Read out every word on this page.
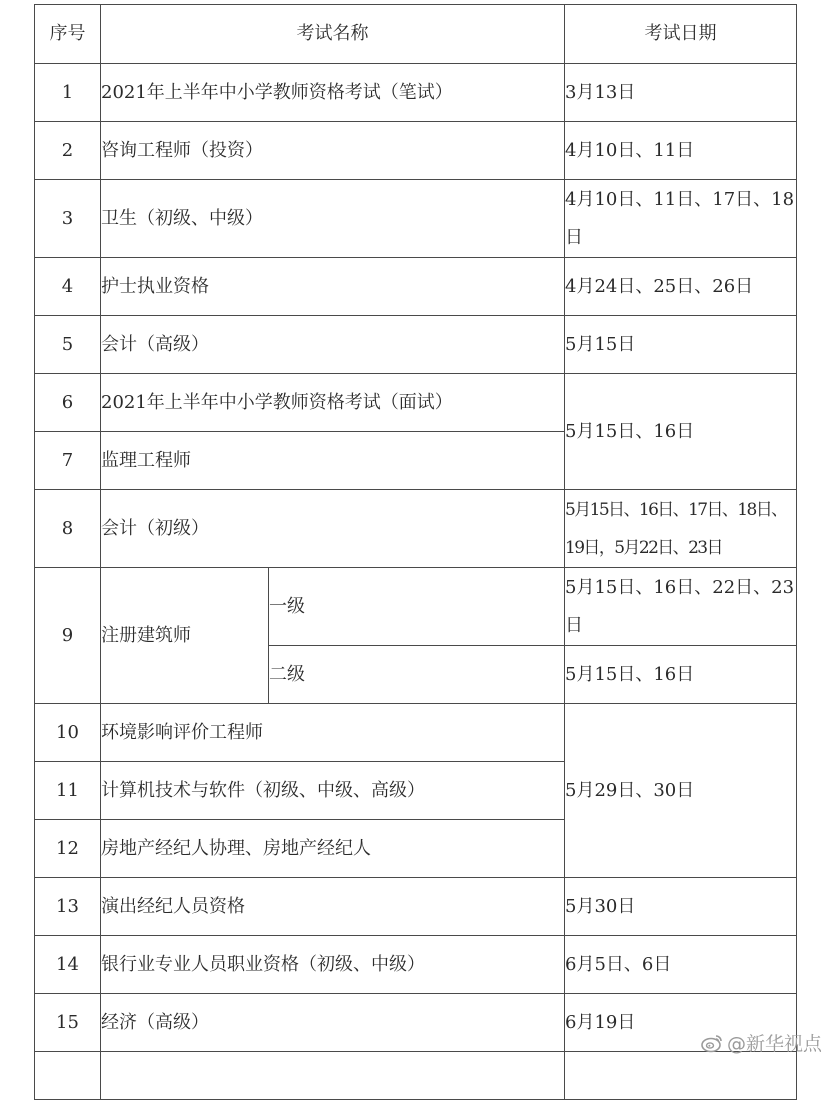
序号	考试名称		考试日期
1	2021年上半年中小学教师资格考试（笔试）		3月13日
2	咨询工程师（投资）		4月10日、11日
3	卫生（初级、中级）		4月10日、11日、17日、18日
4	护士执业资格		4月24日、25日、26日
5	会计（高级）		5月15日
6	2021年上半年中小学教师资格考试（面试）		5月15日、16日
7	监理工程师		
8	会计（初级）		5月15日、16日、17日、18日、19日，5月22日、23日
9	注册建筑师	一级	5月15日、16日、22日、23日
		二级	5月15日、16日
10	环境影响评价工程师		5月29日、30日
11	计算机技术与软件（初级、中级、高级）		
12	房地产经纪人协理、房地产经纪人		
13	演出经纪人员资格		5月30日
14	银行业专业人员职业资格（初级、中级）		6月5日、6日
15	经济（高级）		6月19日

@新华视点
